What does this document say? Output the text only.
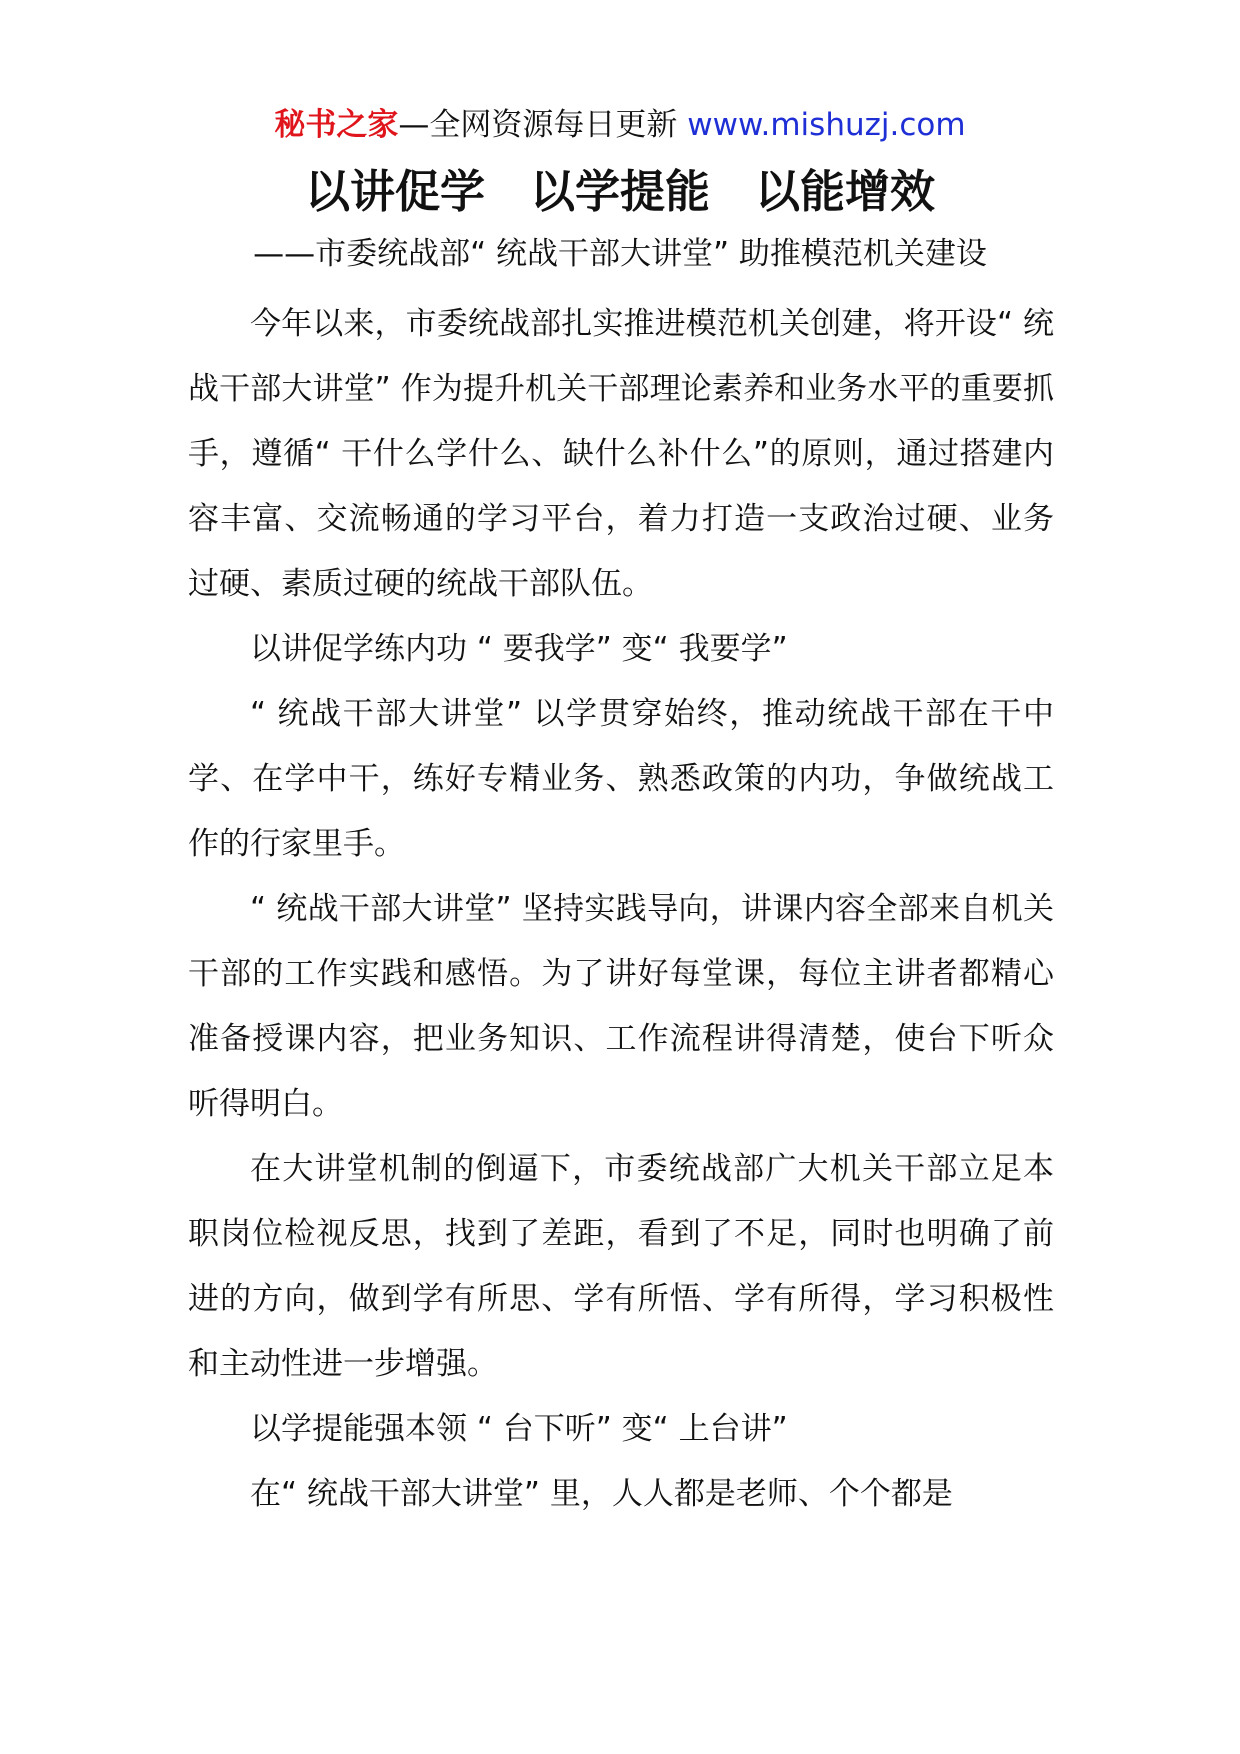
秘书之家—全网资源每日更新 www.mishuzj.com
以讲促学　以学提能　以能增效
——市委统战部“ 统战干部大讲堂” 助推模范机关建设

今年以来，市委统战部扎实推进模范机关创建，将开设“ 统战干部大讲堂” 作为提升机关干部理论素养和业务水平的重要抓手，遵循“ 干什么学什么、缺什么补什么”的原则，通过搭建内容丰富、交流畅通的学习平台，着力打造一支政治过硬、业务过硬、素质过硬的统战干部队伍。

以讲促学练内功 “ 要我学” 变“ 我要学”

“ 统战干部大讲堂” 以学贯穿始终，推动统战干部在干中学、在学中干，练好专精业务、熟悉政策的内功，争做统战工作的行家里手。

“ 统战干部大讲堂” 坚持实践导向，讲课内容全部来自机关干部的工作实践和感悟。为了讲好每堂课，每位主讲者都精心准备授课内容，把业务知识、工作流程讲得清楚，使台下听众听得明白。

在大讲堂机制的倒逼下，市委统战部广大机关干部立足本职岗位检视反思，找到了差距，看到了不足，同时也明确了前进的方向，做到学有所思、学有所悟、学有所得，学习积极性和主动性进一步增强。

以学提能强本领 “ 台下听” 变“ 上台讲”

在“ 统战干部大讲堂” 里，人人都是老师、个个都是
